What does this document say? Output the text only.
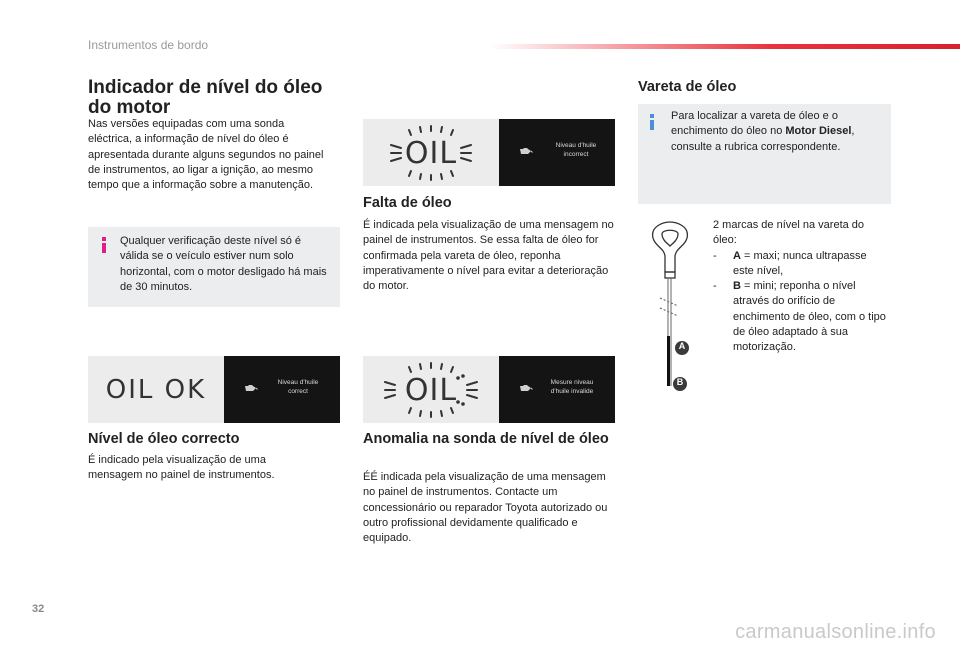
Instrumentos de bordo
Indicador de nível do óleo do motor

Nas versões equipadas com uma sonda eléctrica, a informação de nível do óleo é apresentada durante alguns segundos no painel de instrumentos, ao ligar a ignição, ao mesmo tempo que a informação sobre a manutenção.

Qualquer verificação deste nível só é válida se o veículo estiver num solo horizontal, com o motor desligado há mais de 30 minutos.
OIL OK	Niveau d'huile correct
Nível de óleo correcto

É indicado pela visualização de uma mensagem no painel de instrumentos.

OIL	Niveau d'huile incorrect
Falta de óleo

É indicada pela visualização de uma mensagem no painel de instrumentos. Se essa falta de óleo for confirmada pela vareta de óleo, reponha imperativamente o nível para evitar a deterioração do motor.

OIL	Mesure niveau d'huile invalide
Anomalia na sonda de nível de óleo

ÉÉ indicada pela visualização de uma mensagem no painel de instrumentos. Contacte um concessionário ou reparador Toyota autorizado ou outro profissional devidamente qualificado e equipado.

Vareta de óleo
Para localizar a vareta de óleo e o enchimento do óleo no Motor Diesel, consulte a rubrica correspondente.
A
B
2 marcas de nível na vareta do óleo:
-	A = maxi; nunca ultrapasse este nível,
-	B = mini; reponha o nível através do orifício de enchimento de óleo, com o tipo de óleo adaptado à sua motorização.
32
carmanualsonline.info
